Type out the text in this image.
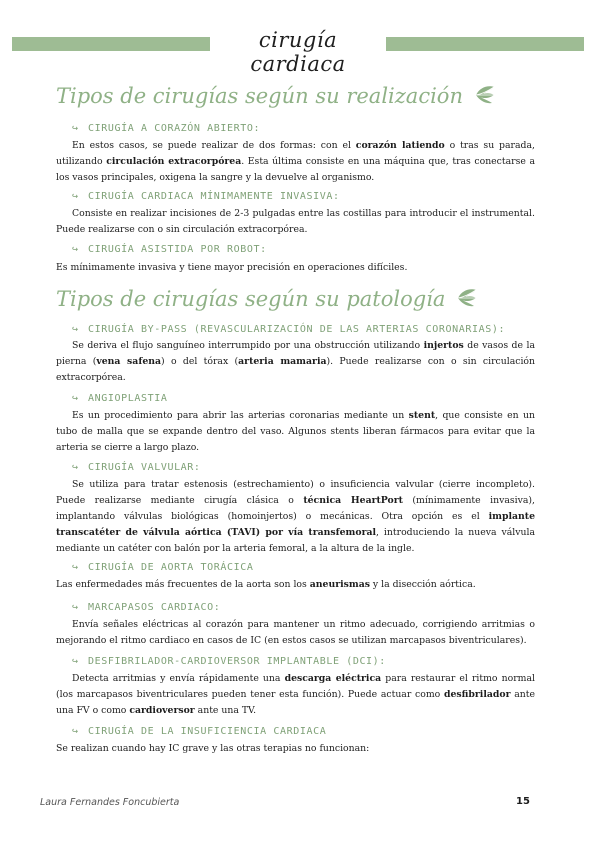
cirugía cardiaca
Tipos de cirugías según su realización
↪ CIRUGÍA A CORAZÓN ABIERTO:
En estos casos, se puede realizar de dos formas: con el corazón latiendo o tras su parada, utilizando circulación extracorpórea. Esta última consiste en una máquina que, tras conectarse a los vasos principales, oxigena la sangre y la devuelve al organismo.
↪ CIRUGÍA CARDIACA MÍNIMAMENTE INVASIVA:
Consiste en realizar incisiones de 2-3 pulgadas entre las costillas para introducir el instrumental. Puede realizarse con o sin circulación extracorpórea.
↪ CIRUGÍA ASISTIDA POR ROBOT:
Es mínimamente invasiva y tiene mayor precisión en operaciones difíciles.
Tipos de cirugías según su patología
↪ CIRUGÍA BY-PASS (REVASCULARIZACIÓN DE LAS ARTERIAS CORONARIAS):
Se deriva el flujo sanguíneo interrumpido por una obstrucción utilizando injertos de vasos de la pierna (vena safena) o del tórax (arteria mamaria). Puede realizarse con o sin circulación extracorpórea.
↪ ANGIOPLASTIA
Es un procedimiento para abrir las arterias coronarias mediante un stent, que consiste en un tubo de malla que se expande dentro del vaso. Algunos stents liberan fármacos para evitar que la arteria se cierre a largo plazo.
↪ CIRUGÍA VALVULAR:
Se utiliza para tratar estenosis (estrechamiento) o insuficiencia valvular (cierre incompleto). Puede realizarse mediante cirugía clásica o técnica HeartPort (mínimamente invasiva), implantando válvulas biológicas (homoinjertos) o mecánicas. Otra opción es el implante transcatéter de válvula aórtica (TAVI) por vía transfemoral, introduciendo la nueva válvula mediante un catéter con balón por la arteria femoral, a la altura de la ingle.
↪ CIRUGÍA DE AORTA TORÁCICA
Las enfermedades más frecuentes de la aorta son los aneurismas y la disección aórtica.
↪ MARCAPASOS CARDIACO:
Envía señales eléctricas al corazón para mantener un ritmo adecuado, corrigiendo arritmias o mejorando el ritmo cardiaco en casos de IC (en estos casos se utilizan marcapasos biventriculares).
↪ DESFIBRILADOR-CARDIOVERSOR IMPLANTABLE (DCI):
Detecta arritmias y envía rápidamente una descarga eléctrica para restaurar el ritmo normal (los marcapasos biventriculares pueden tener esta función). Puede actuar como desfibrilador ante una FV o como cardioversor ante una TV.
↪ CIRUGÍA DE LA INSUFICIENCIA CARDIACA
Se realizan cuando hay IC grave y las otras terapias no funcionan:
Laura Fernandes Foncubierta	15
